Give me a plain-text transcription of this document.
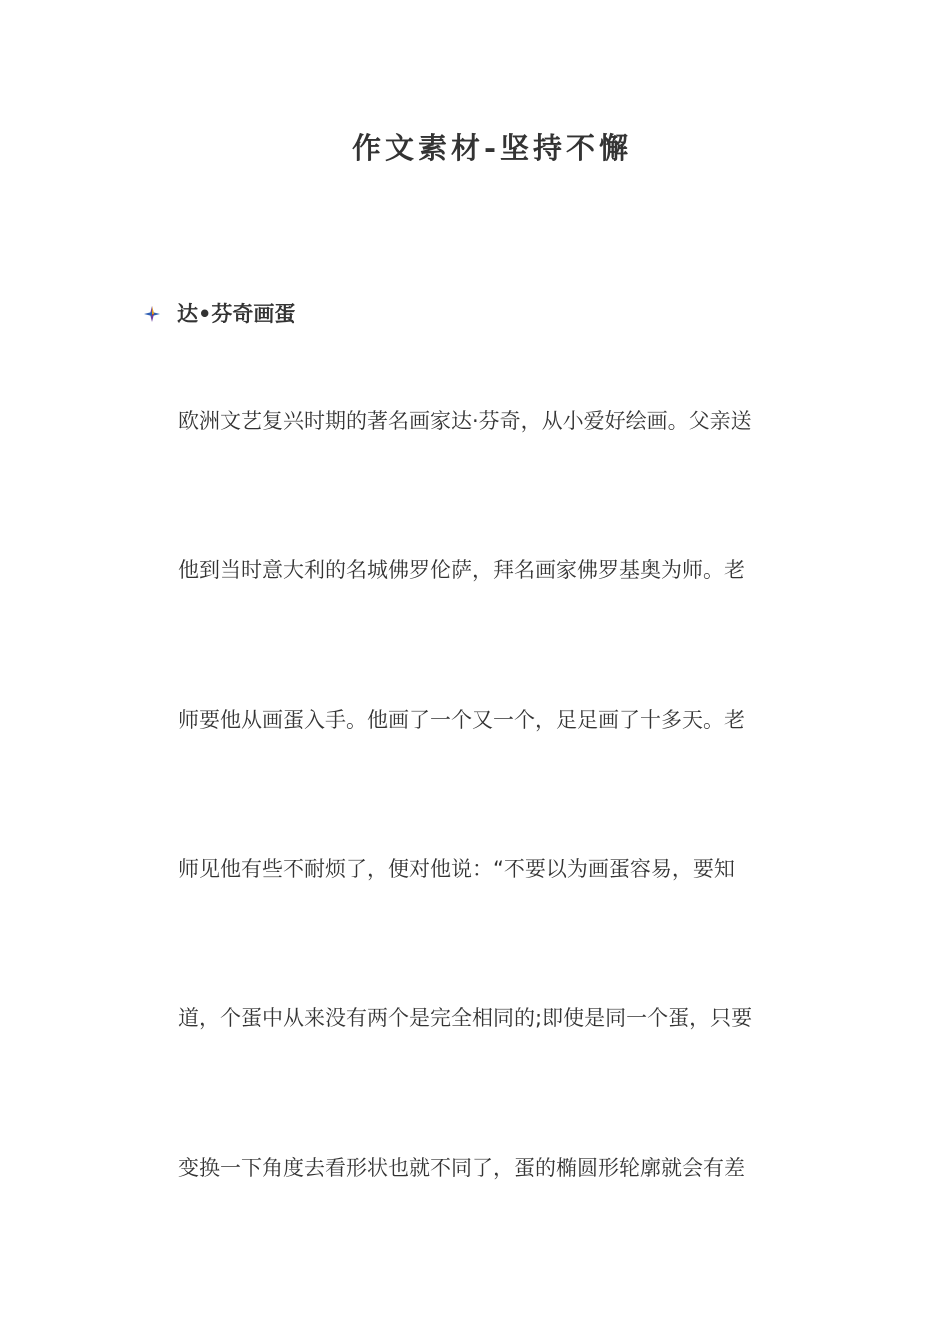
作文素材-坚持不懈
达•芬奇画蛋
欧洲文艺复兴时期的著名画家达·芬奇，从小爱好绘画。父亲送
他到当时意大利的名城佛罗伦萨，拜名画家佛罗基奥为师。老
师要他从画蛋入手。他画了一个又一个，足足画了十多天。老
师见他有些不耐烦了，便对他说：“不要以为画蛋容易，要知
道，个蛋中从来没有两个是完全相同的;即使是同一个蛋，只要
变换一下角度去看形状也就不同了，蛋的椭圆形轮廓就会有差
